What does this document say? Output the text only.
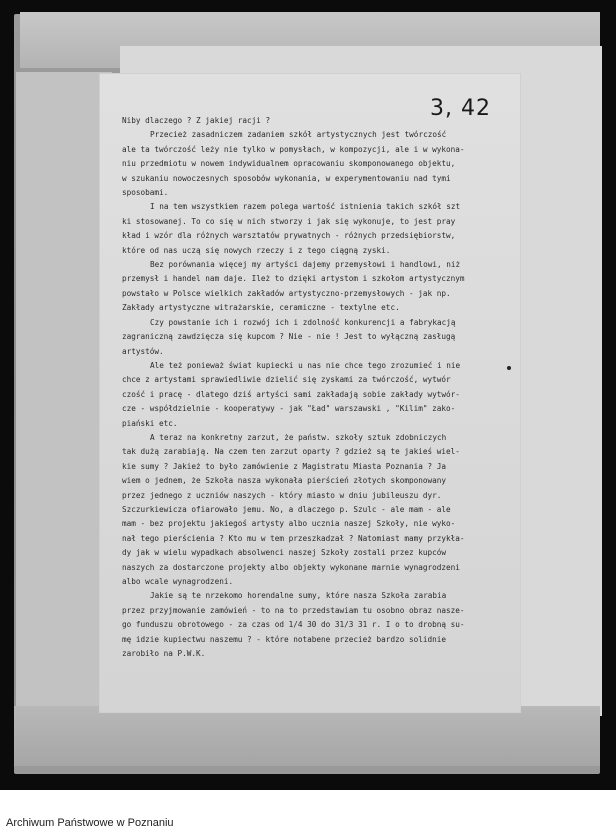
3, 42
Niby dlaczego ? Z jakiej racji ?
Przecież zasadniczem zadaniem szkół artystycznych jest twórczość
ale ta twórczość leży nie tylko w pomysłach, w kompozycji, ale i w wykona-
niu przedmiotu w nowem indywidualnem opracowaniu skomponowanego objektu,
w szukaniu nowoczesnych sposobów wykonania, w experymentowaniu nad tymi
sposobami.
I na tem wszystkiem razem polega wartość istnienia takich szkół szt
ki stosowanej. To co się w nich stworzy i jak się wykonuje, to jest pray
kład i wzór dla różnych warsztatów prywatnych - różnych przedsiębiorstw,
które od nas uczą się nowych rzeczy i z tego ciągną zyski.
Bez porównania więcej my artyści dajemy przemysłowi i handlowi, niż
przemysł i handel nam daje. Ileż to dzięki artystom i szkołom artystycznym
powstało w Polsce wielkich zakładów artystyczno-przemysłowych - jak np.
Zakłady artystyczne witrażarskie, ceramiczne - textylne etc.
Czy powstanie ich i rozwój ich i zdolność konkurencji a fabrykacją
zagraniczną zawdzięcza się kupcom ? Nie - nie ! Jest to wyłączną zasługą
artystów.
Ale też ponieważ świat kupiecki u nas nie chce tego zrozumieć i nie
chce z artystami sprawiedliwie dzielić się zyskami za twórczość, wytwór
czość i pracę - dlatego dziś artyści sami zakładają sobie zakłady wytwór-
cze - współdzielnie - kooperatywy - jak "Ład" warszawski , "Kilim" zako-
piański etc.
A teraz na konkretny zarzut, że państw. szkoły sztuk zdobniczych
tak dużą zarabiają. Na czem ten zarzut oparty ? gdzież są te jakieś wiel-
kie sumy ? Jakież to było zamówienie z Magistratu Miasta Poznania ? Ja
wiem o jednem, że Szkoła nasza wykonała pierścień złotych skomponowany
przez jednego z uczniów naszych - który miasto w dniu jubileuszu dyr.
Szczurkiewicza ofiarowało jemu. No, a dlaczego p. Szulc - ale mam - ale
mam - bez projektu jakiegoś artysty albo ucznia naszej Szkoły, nie wyko-
nał tego pierścienia ? Kto mu w tem przeszkadzał ? Natomiast mamy przykła-
dy jak w wielu wypadkach absolwenci naszej Szkoły zostali przez kupców
naszych za dostarczone projekty albo objekty wykonane marnie wynagrodzeni
albo wcale wynagrodzeni.
Jakie są te nrzekomo horendalne sumy, które nasza Szkoła zarabia
przez przyjmowanie zamówień - to na to przedstawiam tu osobno obraz nasze-
go funduszu obrotowego - za czas od 1/4 30 do 31/3 31 r. I o to drobną su-
mę idzie kupiectwu naszemu ? - które notabene przecież bardzo solidnie
zarobiło na P.W.K.
Archiwum Państwowe w Poznaniu
